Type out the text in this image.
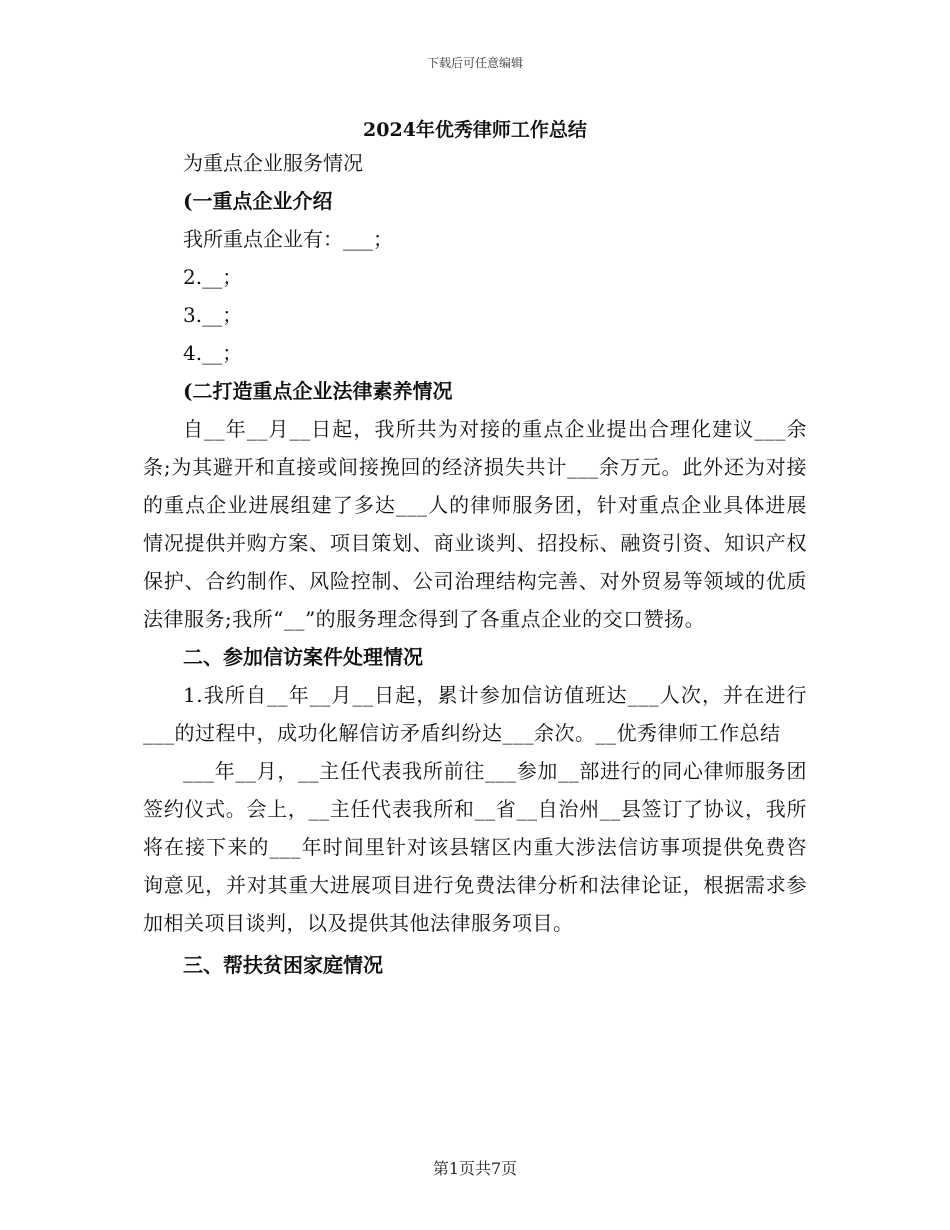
下载后可任意编辑
2024年优秀律师工作总结

为重点企业服务情况

(一重点企业介绍

我所重点企业有：___；

2.__；

3.__；

4.__；

(二打造重点企业法律素养情况

自__年__月__日起，我所共为对接的重点企业提出合理化建议___余条;为其避开和直接或间接挽回的经济损失共计___余万元。此外还为对接的重点企业进展组建了多达___人的律师服务团，针对重点企业具体进展情况提供并购方案、项目策划、商业谈判、招投标、融资引资、知识产权保护、合约制作、风险控制、公司治理结构完善、对外贸易等领域的优质法律服务;我所“__”的服务理念得到了各重点企业的交口赞扬。

二、参加信访案件处理情况

1.我所自__年__月__日起，累计参加信访值班达___人次，并在进行___的过程中，成功化解信访矛盾纠纷达___余次。__优秀律师工作总结

___年__月，__主任代表我所前往___参加__部进行的同心律师服务团签约仪式。会上，__主任代表我所和__省__自治州__县签订了协议，我所将在接下来的___年时间里针对该县辖区内重大涉法信访事项提供免费咨询意见，并对其重大进展项目进行免费法律分析和法律论证，根据需求参加相关项目谈判，以及提供其他法律服务项目。

三、帮扶贫困家庭情况

第1页共7页
